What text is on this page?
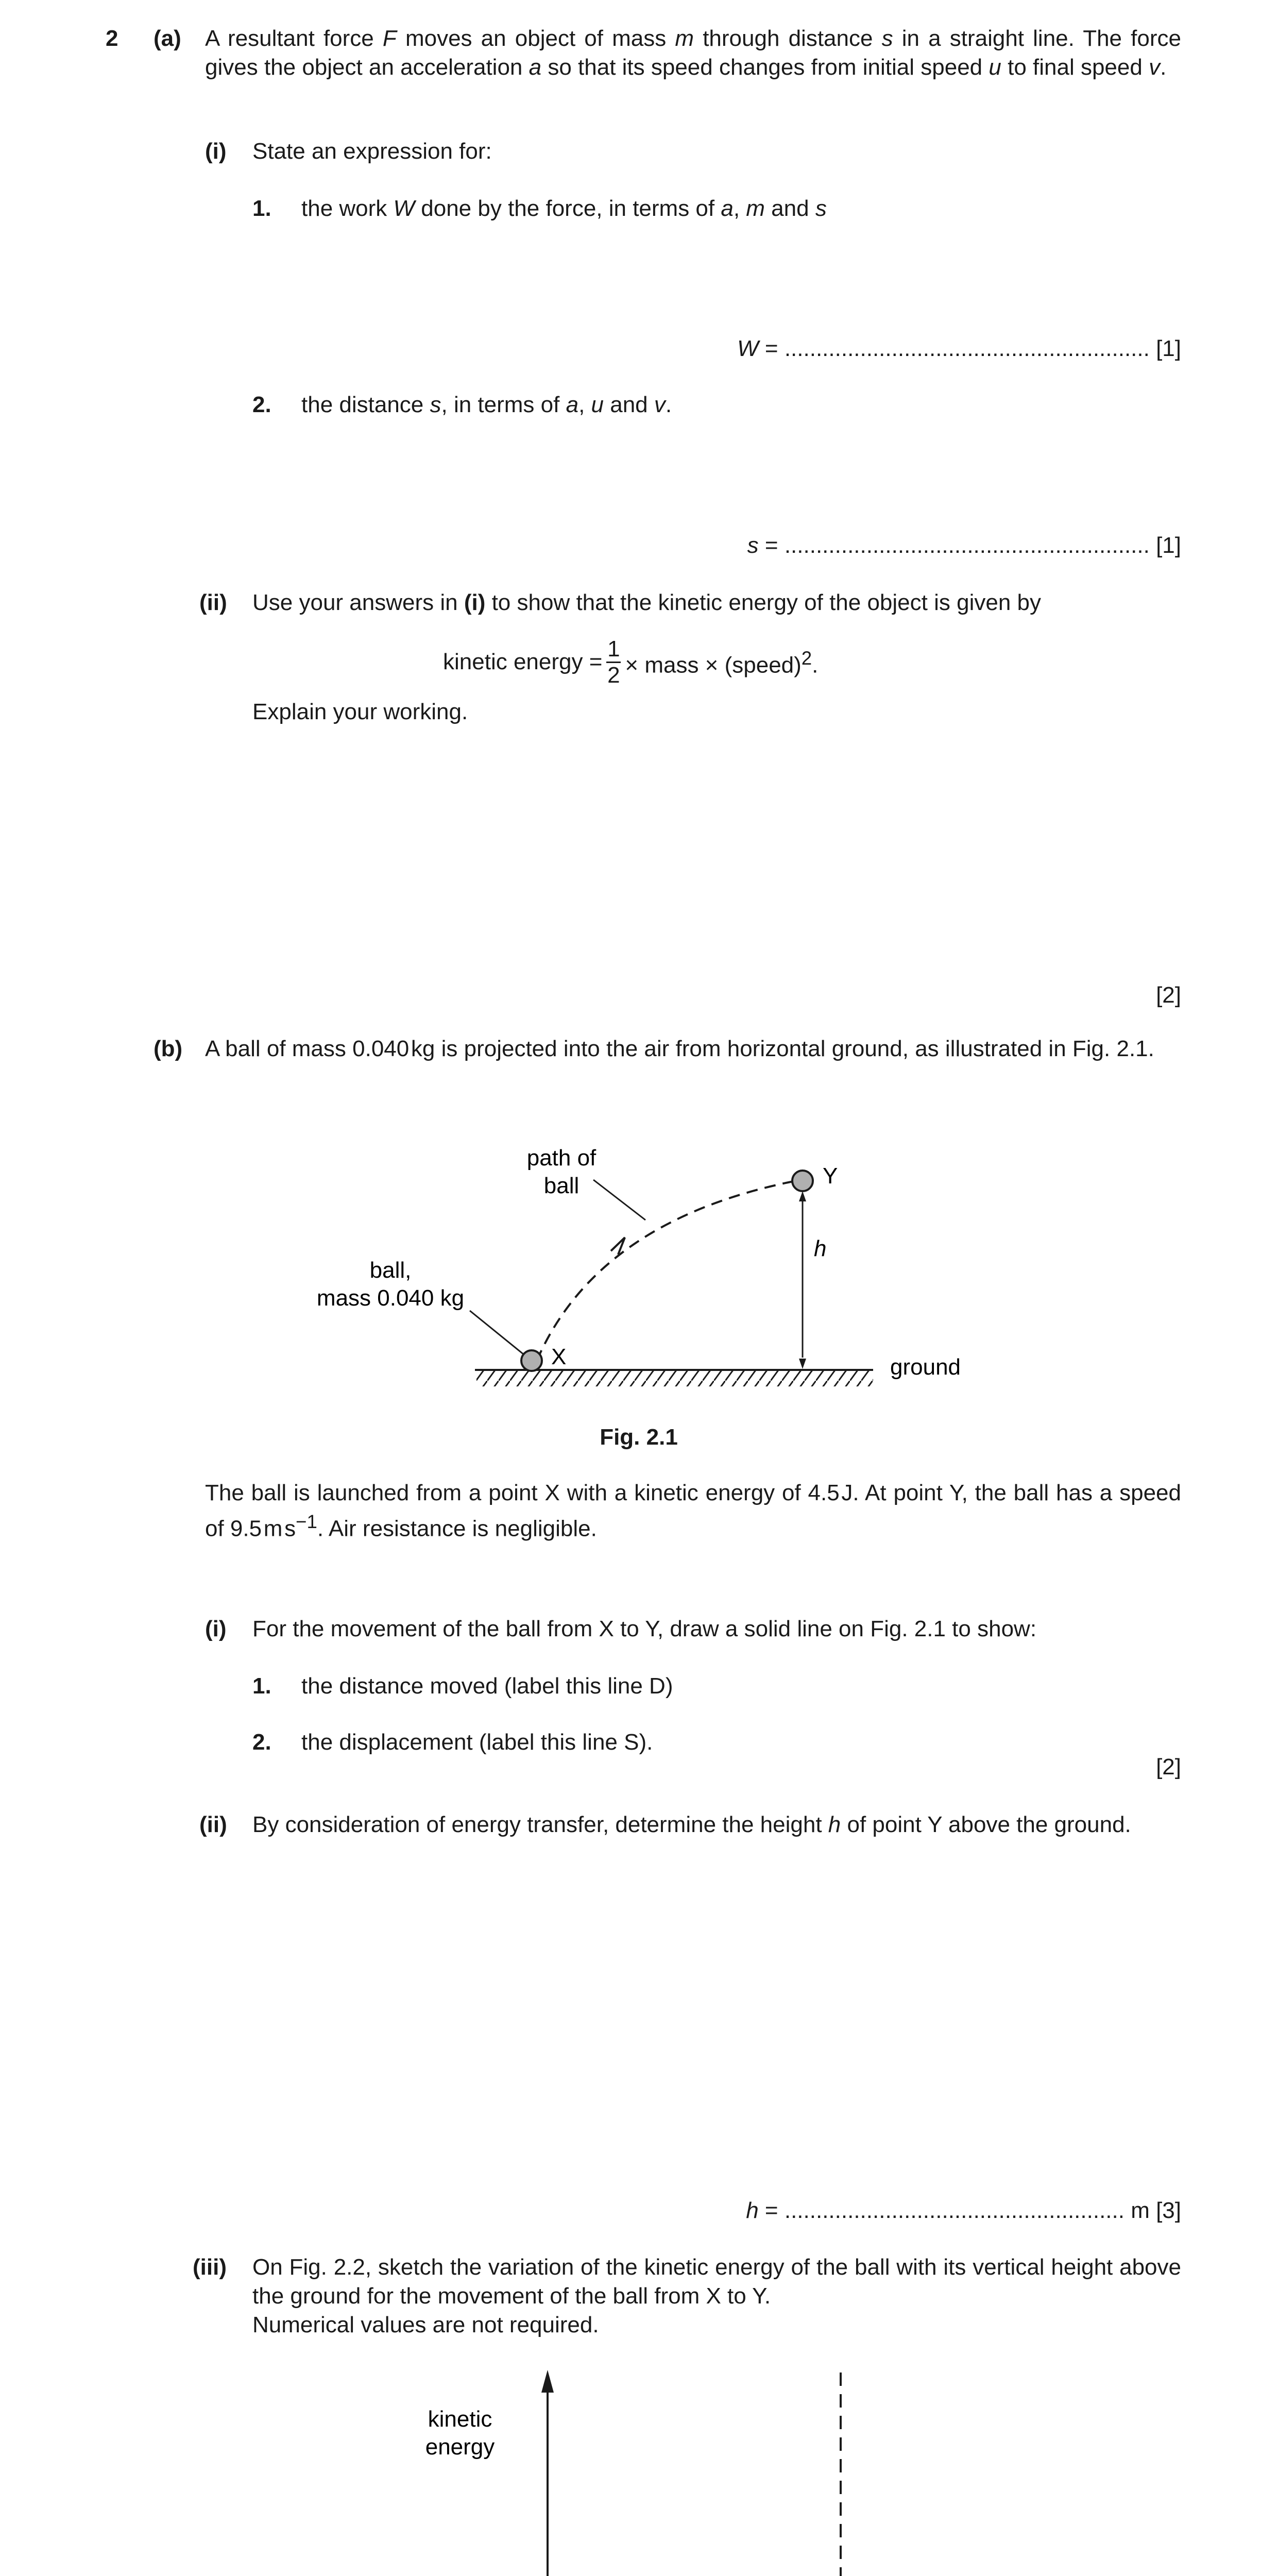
2 (a) A resultant force F moves an object of mass m through distance s in a straight line. The force gives the object an acceleration a so that its speed changes from initial speed u to final speed v.
(i) State an expression for:
1. the work W done by the force, in terms of a, m and s
W = .......................................................... [1]
2. the distance s, in terms of a, u and v.
s = .......................................................... [1]
(ii) Use your answers in (i) to show that the kinetic energy of the object is given by
kinetic energy =
1
2 × mass × (speed)$^2$.
Explain your working.
[2]
(b) A ball of mass 0.040 kg is projected into the air from horizontal ground, as illustrated in Fig. 2.1.
path of
ball
ball,
mass 0.040 kg
X
Y
h
ground
Fig. 2.1
The ball is launched from a point X with a kinetic energy of 4.5 J. At point Y, the ball has a speed of 9.5 m $s^{-1}$. Air resistance is negligible.
(i) For the movement of the ball from X to Y, draw a solid line on Fig. 2.1 to show:
1. the distance moved (label this line D)
2. the displacement (label this line S).
[2]
(ii) By consideration of energy transfer, determine the height h of point Y above the ground.
h = ...................................................... m [3]
(iii) On Fig. 2.2, sketch the variation of the kinetic energy of the ball with its vertical height above the ground for the movement of the ball from X to Y.
Numerical values are not required.
kinetic
energy
